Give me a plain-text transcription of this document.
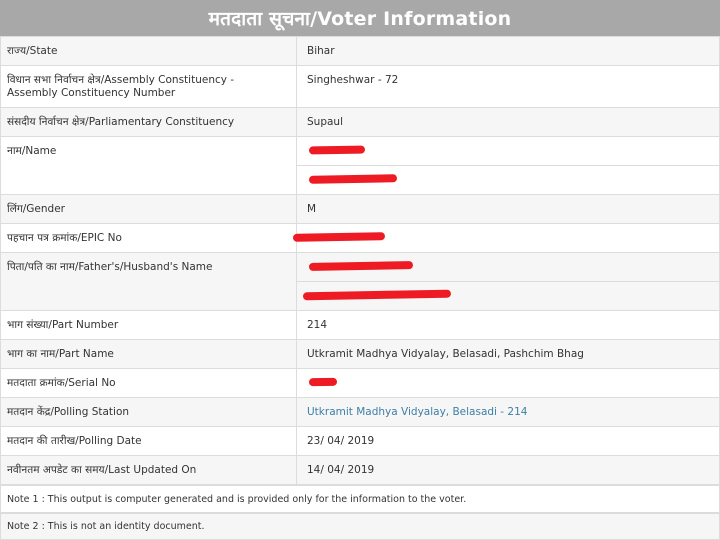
मतदाता सूचना/Voter Information
राज्य/State	Bihar

विधान सभा निर्वाचन क्षेत्र/Assembly Constituency -
Assembly Constituency Number	Singheshwar - 72
संसदीय निर्वाचन क्षेत्र/Parliamentary Constituency	Supaul
नाम/Name	

लिंग/Gender	M
पहचान पत्र क्रमांक/EPIC No	
पिता/पति का नाम/Father's/Husband's Name	

भाग संख्या/Part Number	214
भाग का नाम/Part Name	Utkramit Madhya Vidyalay, Belasadi, Pashchim Bhag
मतदाता क्रमांक/Serial No	
मतदान केंद्र/Polling Station	Utkramit Madhya Vidyalay, Belasadi - 214
मतदान की तारीख/Polling Date	23/ 04/ 2019
नवीनतम अपडेट का समय/Last Updated On	14/ 04/ 2019
Note 1 : This output is computer generated and is provided only for the information to the voter.
Note 2 : This is not an identity document.
